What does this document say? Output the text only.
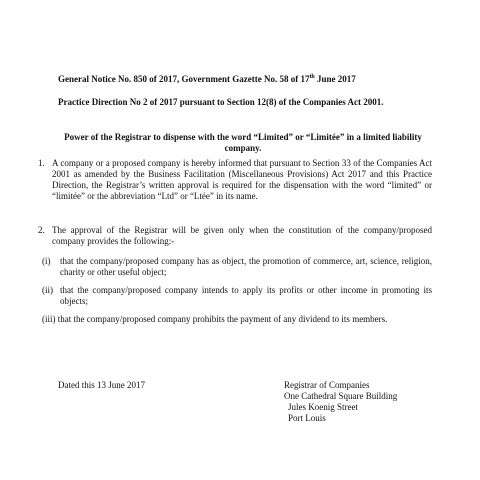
General Notice No. 850 of 2017, Government Gazette No. 58 of 17th June 2017
Practice Direction No 2 of 2017 pursuant to Section 12(8) of the Companies Act 2001.
Power of the Registrar to dispense with the word “Limited” or “Limitée” in a limited liability company.
1. A company or a proposed company is hereby informed that pursuant to Section 33 of the Companies Act 2001 as amended by the Business Facilitation (Miscellaneous Provisions) Act 2017 and this Practice Direction, the Registrar’s written approval is required for the dispensation with the word “limited” or “limitée” or the abbreviation “Ltd” or “Ltée” in its name.
2. The approval of the Registrar will be given only when the constitution of the company/proposed company provides the following:-
(i)	that the company/proposed company has as object, the promotion of commerce, art, science, religion, charity or other useful object;
(ii) that the company/proposed company intends to apply its profits or other income in promoting its objects;
(iii) that the company/proposed company prohibits the payment of any dividend to its members.
Dated this 13 June 2017	Registrar of Companies
One Cathedral Square Building
Jules Koenig Street
Port Louis
